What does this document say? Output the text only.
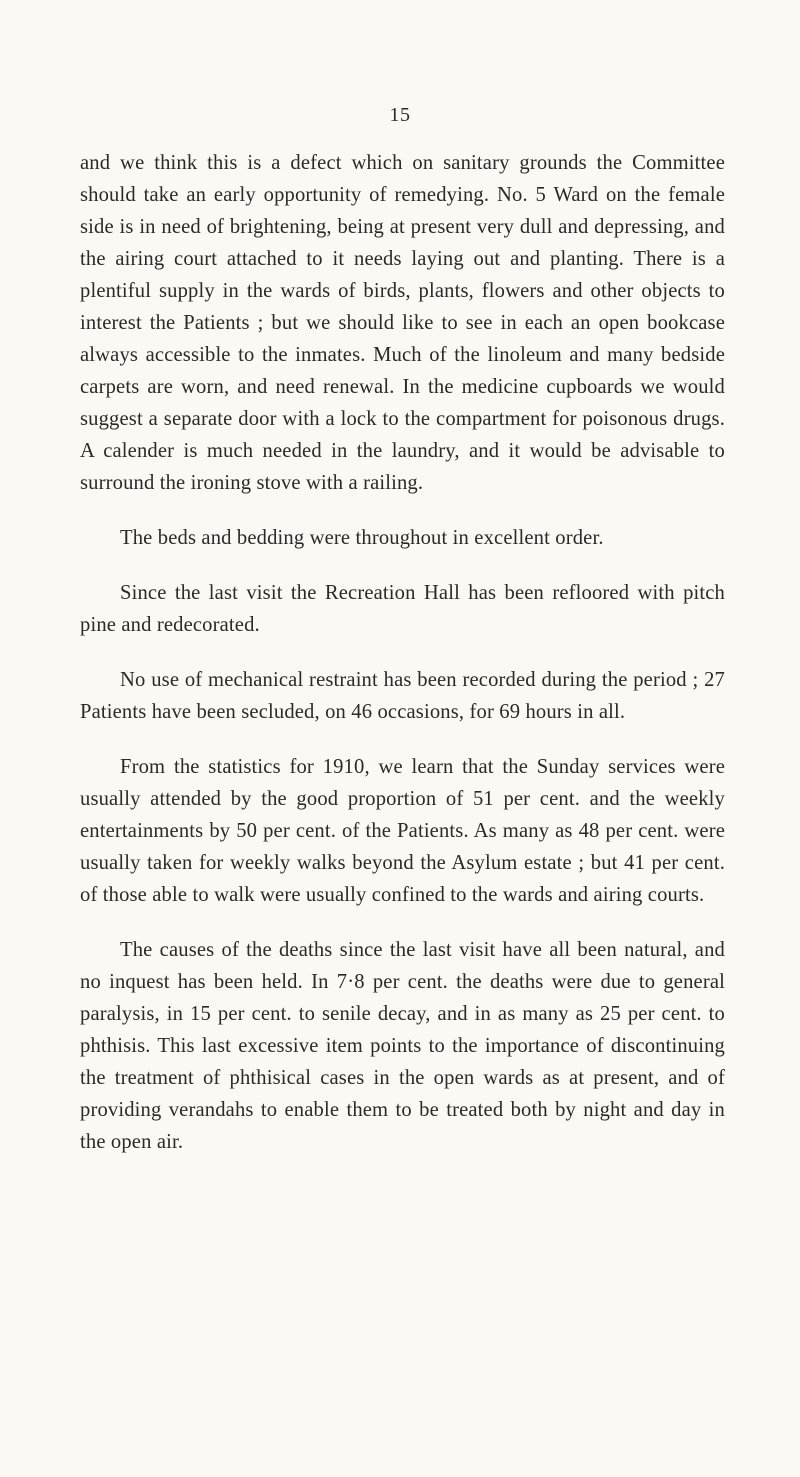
15

and we think this is a defect which on sanitary grounds the Committee should take an early opportunity of remedying. No. 5 Ward on the female side is in need of brightening, being at present very dull and depressing, and the airing court attached to it needs laying out and planting. There is a plentiful supply in the wards of birds, plants, flowers and other objects to interest the Patients ; but we should like to see in each an open bookcase always accessible to the inmates. Much of the linoleum and many bedside carpets are worn, and need renewal. In the medicine cupboards we would suggest a separate door with a lock to the compartment for poisonous drugs. A calender is much needed in the laundry, and it would be advisable to surround the ironing stove with a railing.

The beds and bedding were throughout in excellent order.

Since the last visit the Recreation Hall has been refloored with pitch pine and redecorated.

No use of mechanical restraint has been recorded during the period ; 27 Patients have been secluded, on 46 occasions, for 69 hours in all.

From the statistics for 1910, we learn that the Sunday services were usually attended by the good proportion of 51 per cent. and the weekly entertainments by 50 per cent. of the Patients. As many as 48 per cent. were usually taken for weekly walks beyond the Asylum estate ; but 41 per cent. of those able to walk were usually confined to the wards and airing courts.

The causes of the deaths since the last visit have all been natural, and no inquest has been held. In 7·8 per cent. the deaths were due to general paralysis, in 15 per cent. to senile decay, and in as many as 25 per cent. to phthisis. This last excessive item points to the importance of discontinuing the treatment of phthisical cases in the open wards as at present, and of providing verandahs to enable them to be treated both by night and day in the open air.
